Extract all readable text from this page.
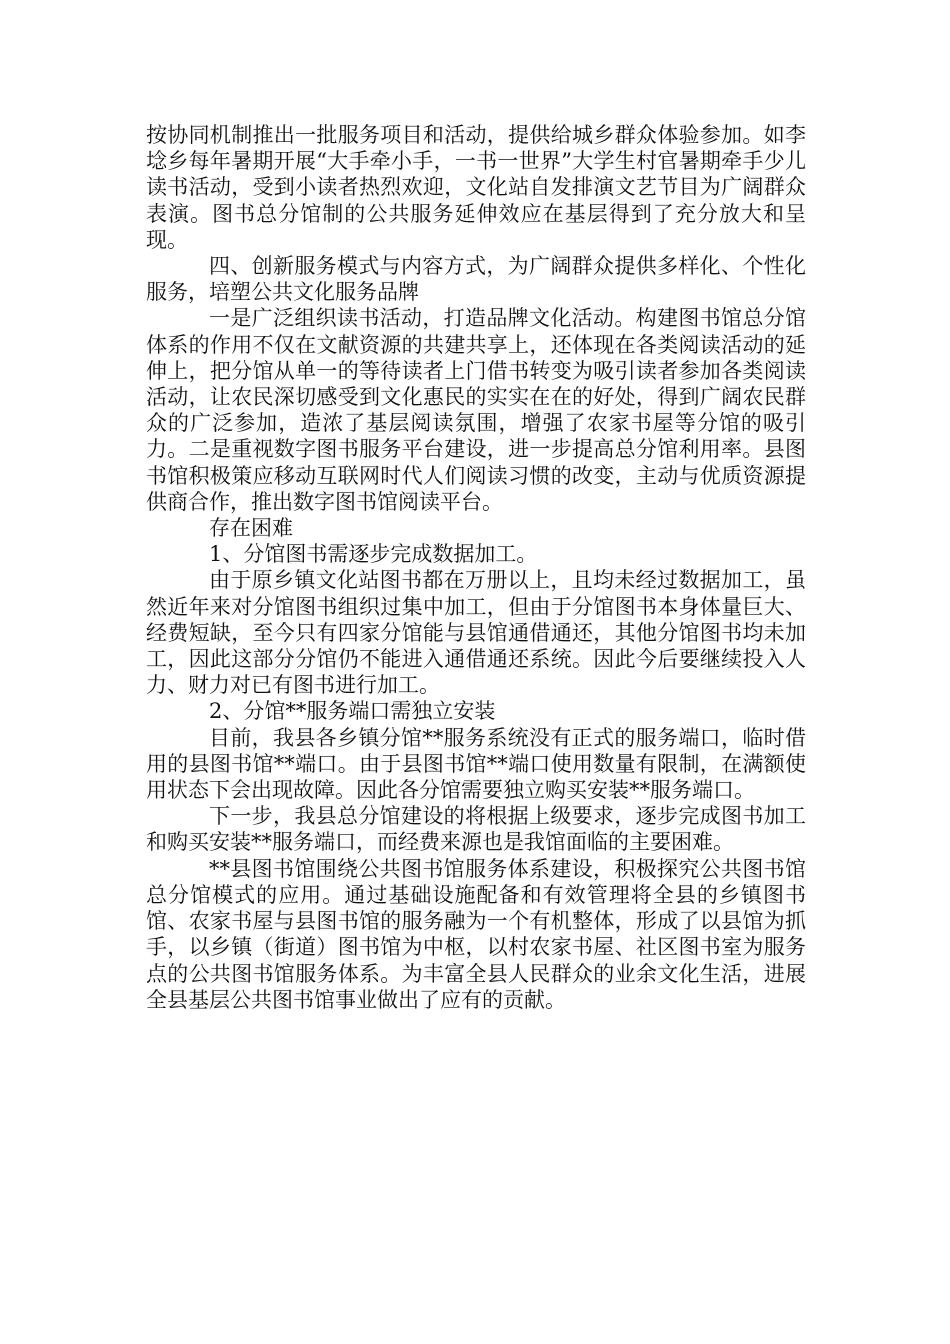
按协同机制推出一批服务项目和活动，提供给城乡群众体验参加。如李埝乡每年暑期开展“大手牵小手，一书一世界”大学生村官暑期牵手少儿读书活动，受到小读者热烈欢迎，文化站自发排演文艺节目为广阔群众表演。图书总分馆制的公共服务延伸效应在基层得到了充分放大和呈现。

四、创新服务模式与内容方式，为广阔群众提供多样化、个性化服务，培塑公共文化服务品牌

一是广泛组织读书活动，打造品牌文化活动。构建图书馆总分馆体系的作用不仅在文献资源的共建共享上，还体现在各类阅读活动的延伸上，把分馆从单一的等待读者上门借书转变为吸引读者参加各类阅读活动，让农民深切感受到文化惠民的实实在在的好处，得到广阔农民群众的广泛参加，造浓了基层阅读氛围，增强了农家书屋等分馆的吸引力。二是重视数字图书服务平台建设，进一步提高总分馆利用率。县图书馆积极策应移动互联网时代人们阅读习惯的改变，主动与优质资源提供商合作，推出数字图书馆阅读平台。

存在困难

1、分馆图书需逐步完成数据加工。

由于原乡镇文化站图书都在万册以上，且均未经过数据加工，虽然近年来对分馆图书组织过集中加工，但由于分馆图书本身体量巨大、经费短缺，至今只有四家分馆能与县馆通借通还，其他分馆图书均未加工，因此这部分分馆仍不能进入通借通还系统。因此今后要继续投入人力、财力对已有图书进行加工。

2、分馆**服务端口需独立安装

目前，我县各乡镇分馆**服务系统没有正式的服务端口，临时借用的县图书馆**端口。由于县图书馆**端口使用数量有限制，在满额使用状态下会出现故障。因此各分馆需要独立购买安装**服务端口。

下一步，我县总分馆建设的将根据上级要求，逐步完成图书加工和购买安装**服务端口，而经费来源也是我馆面临的主要困难。

**县图书馆围绕公共图书馆服务体系建设，积极探究公共图书馆总分馆模式的应用。通过基础设施配备和有效管理将全县的乡镇图书馆、农家书屋与县图书馆的服务融为一个有机整体，形成了以县馆为抓手，以乡镇（街道）图书馆为中枢，以村农家书屋、社区图书室为服务点的公共图书馆服务体系。为丰富全县人民群众的业余文化生活，进展全县基层公共图书馆事业做出了应有的贡献。
